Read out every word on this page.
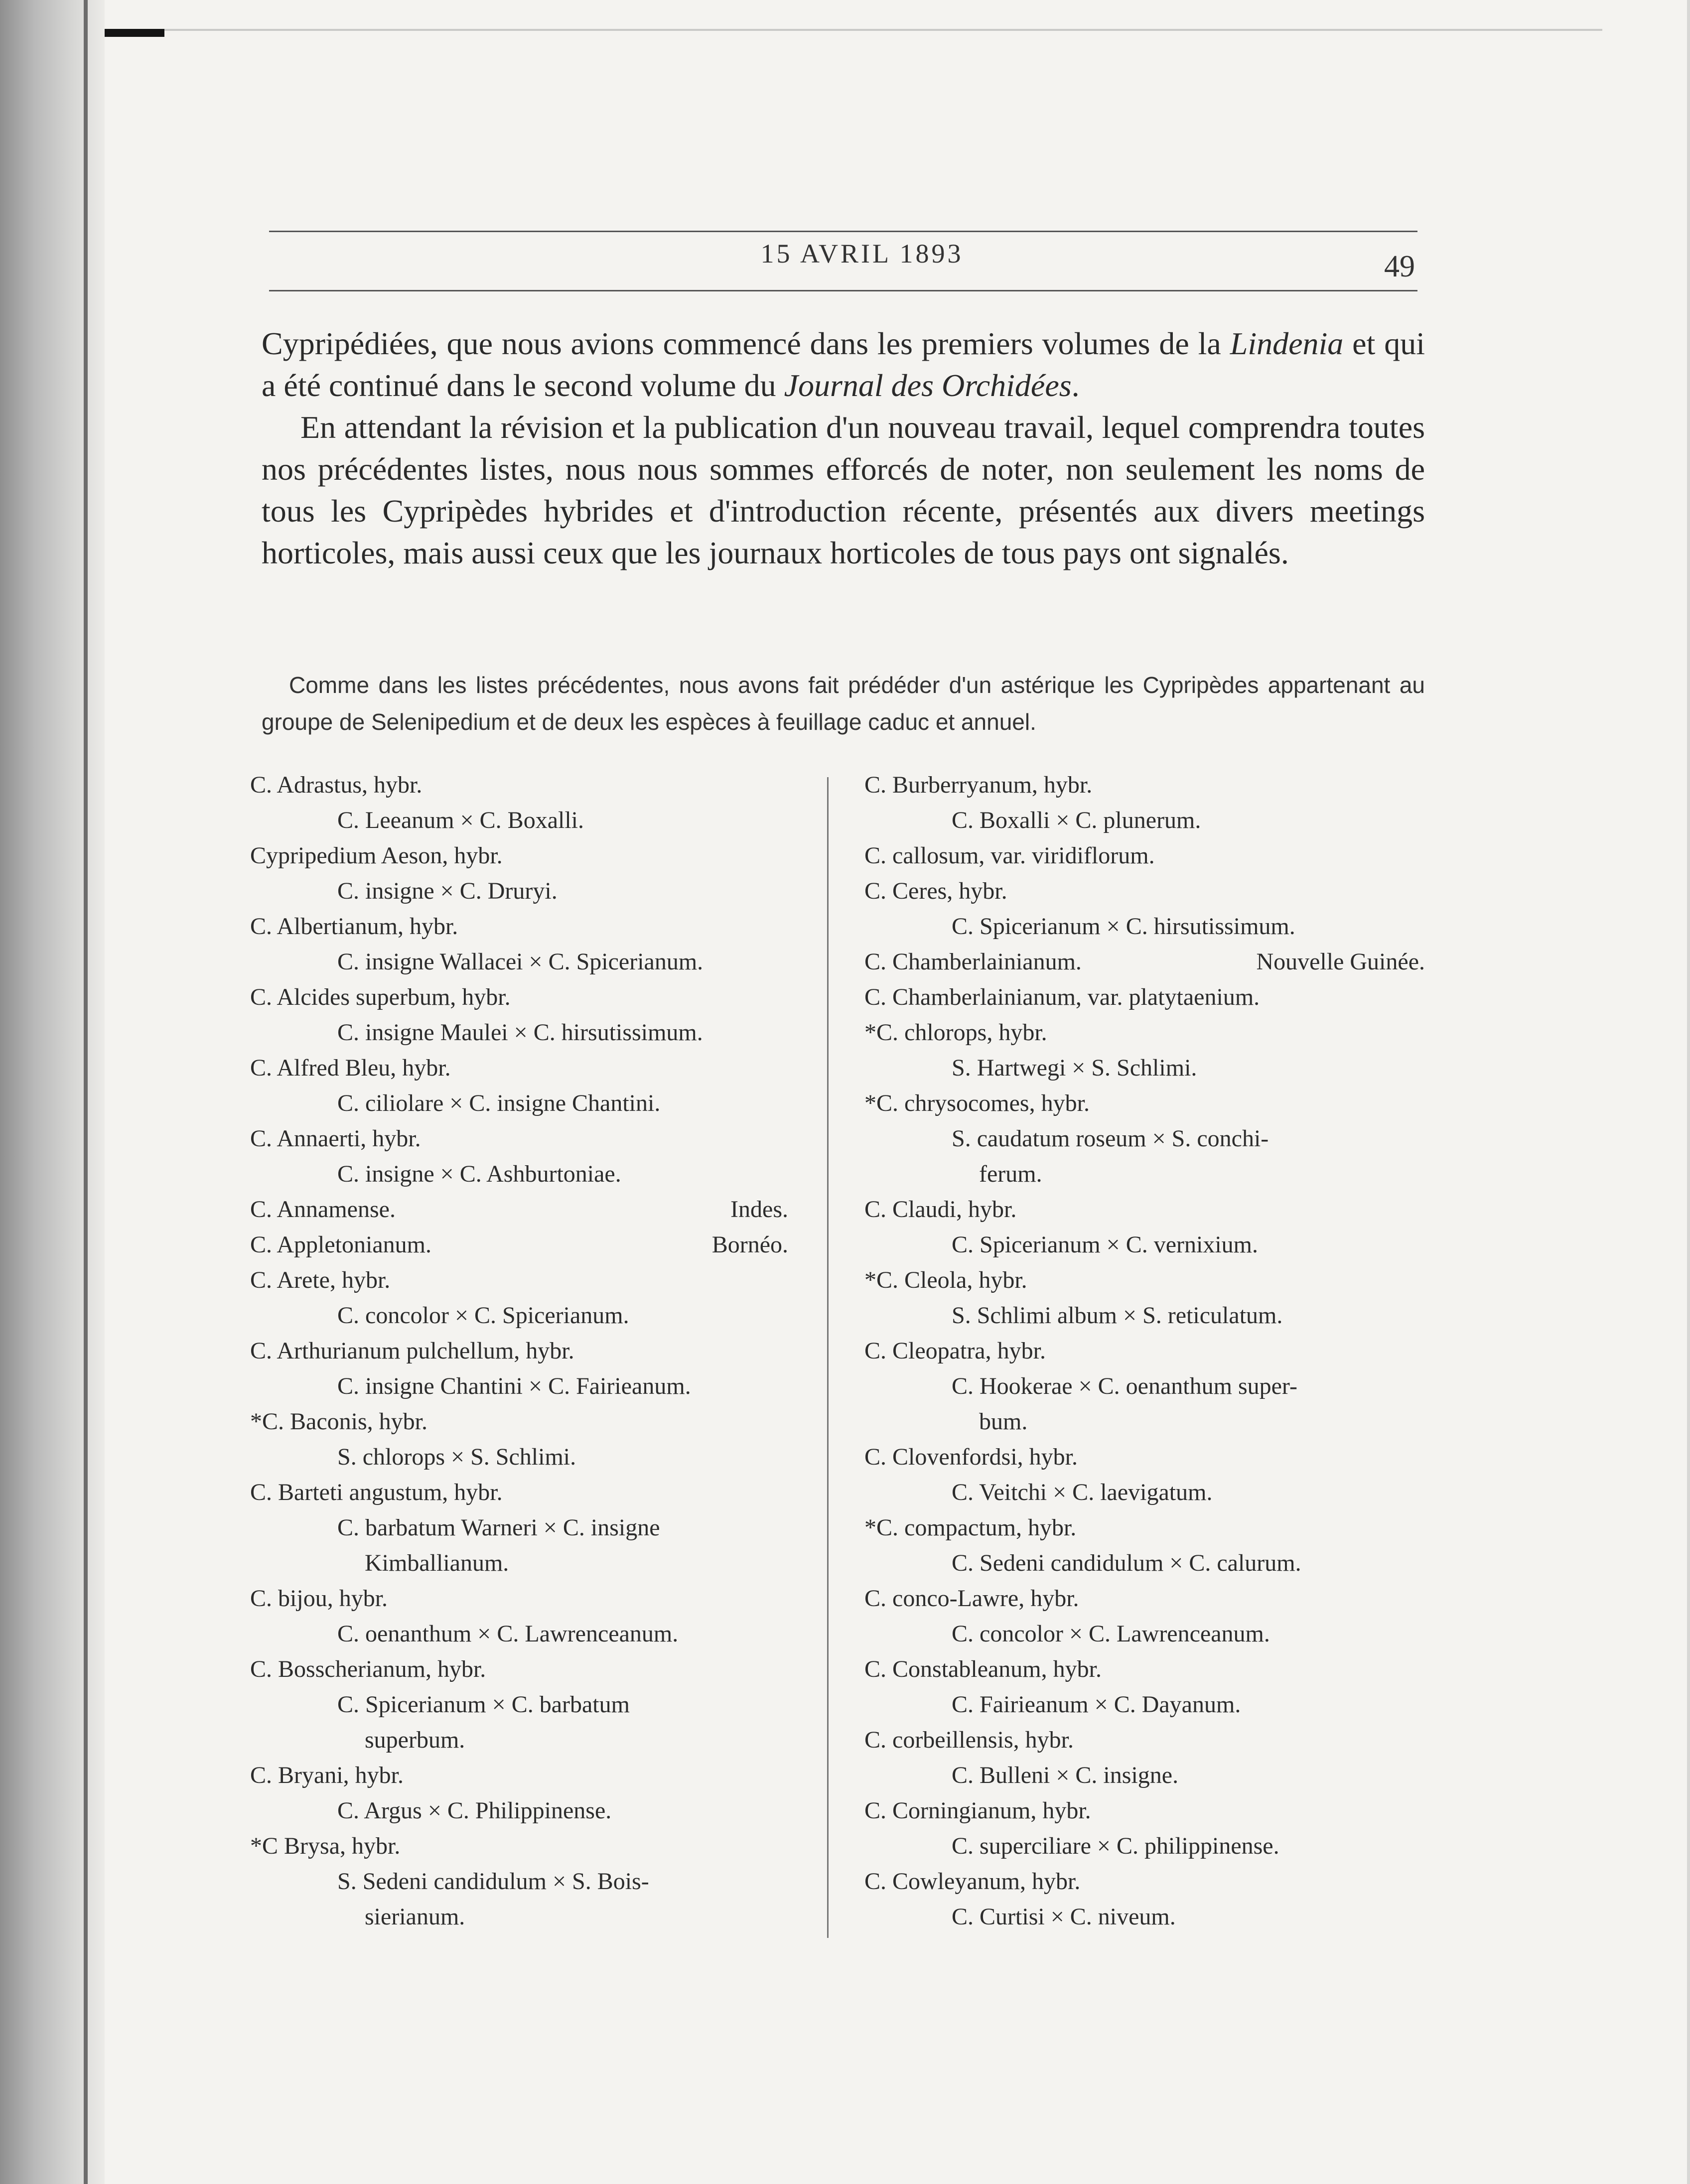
15 AVRIL 1893	49

Cypripédiées, que nous avions commencé dans les premiers volumes de la Lindenia et qui a été continué dans le second volume du Journal des Orchidées.

En attendant la révision et la publication d'un nouveau travail, lequel comprendra toutes nos précédentes listes, nous nous sommes efforcés de noter, non seulement les noms de tous les Cypripèdes hybrides et d'introduction récente, présentés aux divers meetings horticoles, mais aussi ceux que les journaux horticoles de tous pays ont signalés.

Comme dans les listes précédentes, nous avons fait prédéder d'un astérique les Cypripèdes appartenant au groupe de Selenipedium et de deux les espèces à feuillage caduc et annuel.

C. Adrastus, hybr.
C. Leeanum × C. Boxalli.
Cypripedium Aeson, hybr.
C. insigne × C. Druryi.
C. Albertianum, hybr.
C. insigne Wallacei × C. Spicerianum.
C. Alcides superbum, hybr.
C. insigne Maulei × C. hirsutissimum.
C. Alfred Bleu, hybr.
C. ciliolare × C. insigne Chantini.
C. Annaerti, hybr.
C. insigne × C. Ashburtoniae.
C. Annamense.	Indes.
C. Appletonianum.	Bornéo.
C. Arete, hybr.
C. concolor × C. Spicerianum.
C. Arthurianum pulchellum, hybr.
C. insigne Chantini × C. Fairieanum.
*C. Baconis, hybr.
S. chlorops × S. Schlimi.
C. Barteti angustum, hybr.
C. barbatum Warneri × C. insigne
Kimballianum.
C. bijou, hybr.
C. oenanthum × C. Lawrenceanum.
C. Bosscherianum, hybr.
C. Spicerianum × C. barbatum
superbum.
C. Bryani, hybr.
C. Argus × C. Philippinense.
*C Brysa, hybr.
S. Sedeni candidulum × S. Bois-
sierianum.
C. Burberryanum, hybr.
C. Boxalli × C. plunerum.
C. callosum, var. viridiflorum.
C. Ceres, hybr.
C. Spicerianum × C. hirsutissimum.
C. Chamberlainianum.	Nouvelle Guinée.
C. Chamberlainianum, var. platytaenium.
*C. chlorops, hybr.
S. Hartwegi × S. Schlimi.
*C. chrysocomes, hybr.
S. caudatum roseum × S. conchi-
ferum.
C. Claudi, hybr.
C. Spicerianum × C. vernixium.
*C. Cleola, hybr.
S. Schlimi album × S. reticulatum.
C. Cleopatra, hybr.
C. Hookerae × C. oenanthum super-
bum.
C. Clovenfordsi, hybr.
C. Veitchi × C. laevigatum.
*C. compactum, hybr.
C. Sedeni candidulum × C. calurum.
C. conco-Lawre, hybr.
C. concolor × C. Lawrenceanum.
C. Constableanum, hybr.
C. Fairieanum × C. Dayanum.
C. corbeillensis, hybr.
C. Bulleni × C. insigne.
C. Corningianum, hybr.
C. superciliare × C. philippinense.
C. Cowleyanum, hybr.
C. Curtisi × C. niveum.
